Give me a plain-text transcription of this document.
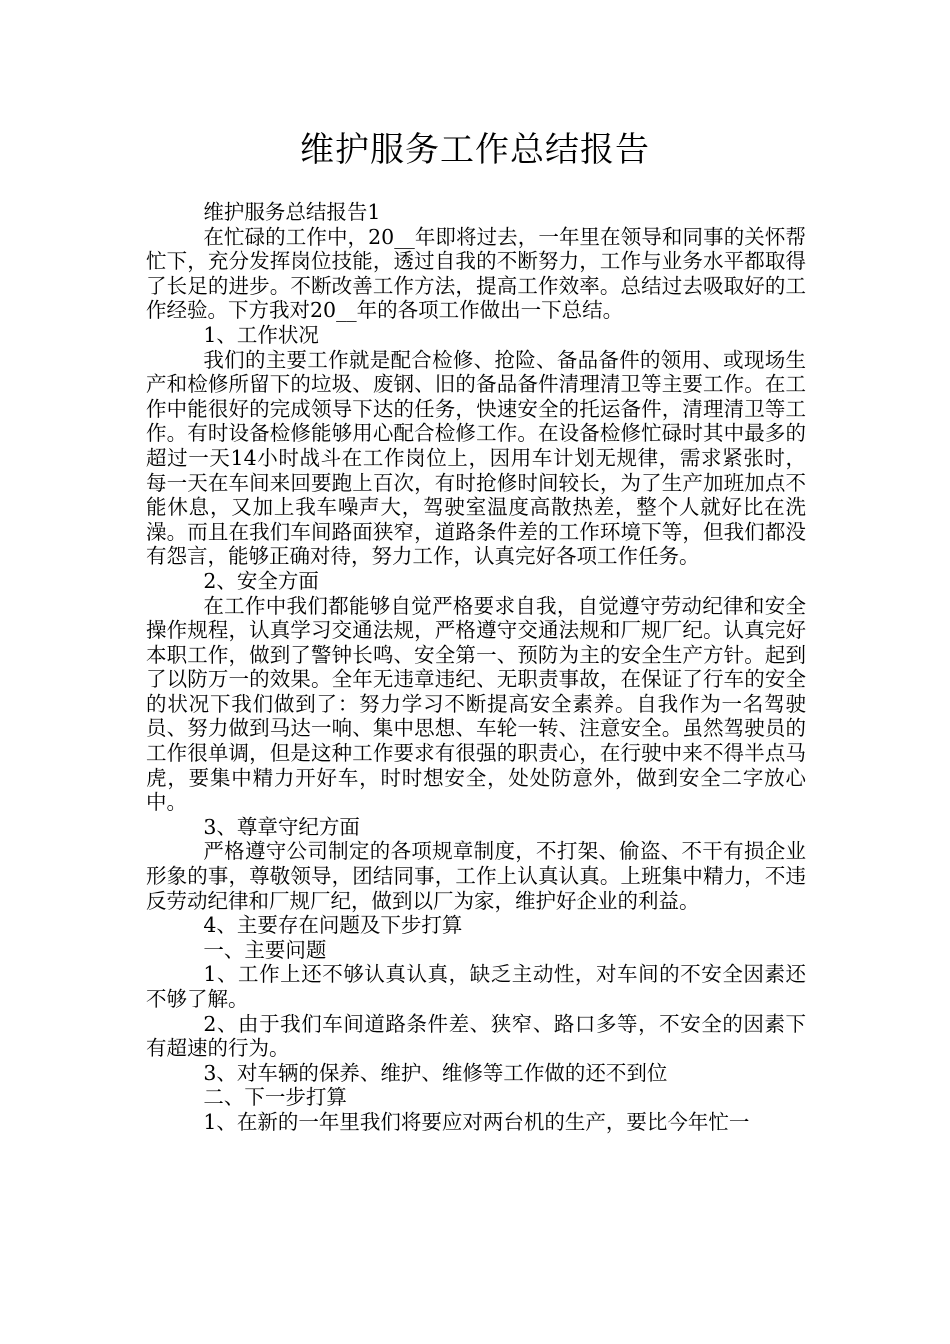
维护服务工作总结报告

维护服务总结报告1

在忙碌的工作中，20__年即将过去，一年里在领导和同事的关怀帮忙下，充分发挥岗位技能，透过自我的不断努力，工作与业务水平都取得了长足的进步。不断改善工作方法，提高工作效率。总结过去吸取好的工作经验。下方我对20__年的各项工作做出一下总结。

1、工作状况

我们的主要工作就是配合检修、抢险、备品备件的领用、或现场生产和检修所留下的垃圾、废钢、旧的备品备件清理清卫等主要工作。在工作中能很好的完成领导下达的任务，快速安全的托运备件，清理清卫等工作。有时设备检修能够用心配合检修工作。在设备检修忙碌时其中最多的超过一天14小时战斗在工作岗位上，因用车计划无规律，需求紧张时，每一天在车间来回要跑上百次，有时抢修时间较长，为了生产加班加点不能休息，又加上我车噪声大，驾驶室温度高散热差，整个人就好比在洗澡。而且在我们车间路面狭窄，道路条件差的工作环境下等，但我们都没有怨言，能够正确对待，努力工作，认真完好各项工作任务。

2、安全方面

在工作中我们都能够自觉严格要求自我，自觉遵守劳动纪律和安全操作规程，认真学习交通法规，严格遵守交通法规和厂规厂纪。认真完好本职工作，做到了警钟长鸣、安全第一、预防为主的安全生产方针。起到了以防万一的效果。全年无违章违纪、无职责事故，在保证了行车的安全的状况下我们做到了：努力学习不断提高安全素养。自我作为一名驾驶员、努力做到马达一响、集中思想、车轮一转、注意安全。虽然驾驶员的工作很单调，但是这种工作要求有很强的职责心，在行驶中来不得半点马虎，要集中精力开好车，时时想安全，处处防意外，做到安全二字放心中。

3、尊章守纪方面

严格遵守公司制定的各项规章制度，不打架、偷盗、不干有损企业形象的事，尊敬领导，团结同事，工作上认真认真。上班集中精力，不违反劳动纪律和厂规厂纪，做到以厂为家，维护好企业的利益。

4、主要存在问题及下步打算

一、主要问题

1、工作上还不够认真认真，缺乏主动性，对车间的不安全因素还不够了解。

2、由于我们车间道路条件差、狭窄、路口多等，不安全的因素下有超速的行为。

3、对车辆的保养、维护、维修等工作做的还不到位

二、下一步打算

1、在新的一年里我们将要应对两台机的生产，要比今年忙一
